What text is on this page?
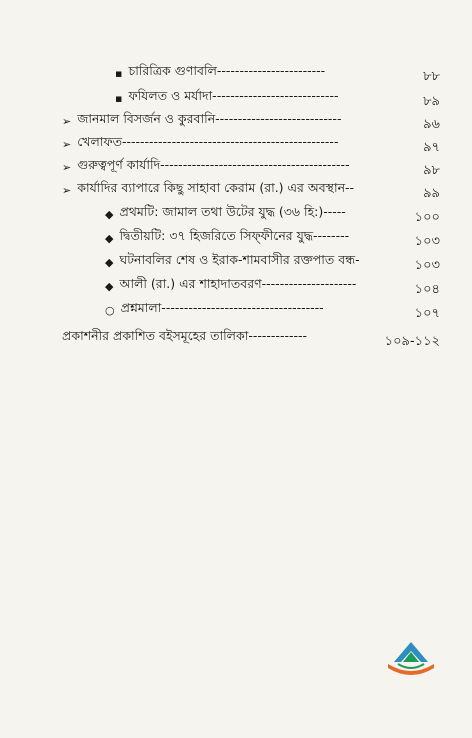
▪ চারিত্রিক গুণাবলি------------------------	৮৮
▪ ফযিলত ও মর্যাদা----------------------------	৮৯
➢ জানমাল বিসর্জন ও কুরবানি----------------------------	৯৬
➢ খেলাফত------------------------------------------------	৯৭
➢ গুরুত্বপূর্ণ কার্যাদি------------------------------------------	৯৮
➢ কার্যাদির ব্যাপারে কিছু সাহাবা কেরাম (রা.) এর অবস্থান--	৯৯
◆ প্রথমটি: জামাল তথা উটের যুদ্ধ (৩৬ হি:)-----	১০০
◆ দ্বিতীয়টি: ৩৭ হিজরিতে সিফ্ফীনের যুদ্ধ--------	১০৩
◆ ঘটনাবলির শেষ ও ইরাক-শামবাসীর রক্তপাত বন্ধ-	১০৩
◆ আলী (রা.) এর শাহাদাতবরণ---------------------	১০৪
○ প্রশ্নমালা------------------------------------	১০৭
প্রকাশনীর প্রকাশিত বইসমূহের তালিকা-------------	১০৯-১১২
